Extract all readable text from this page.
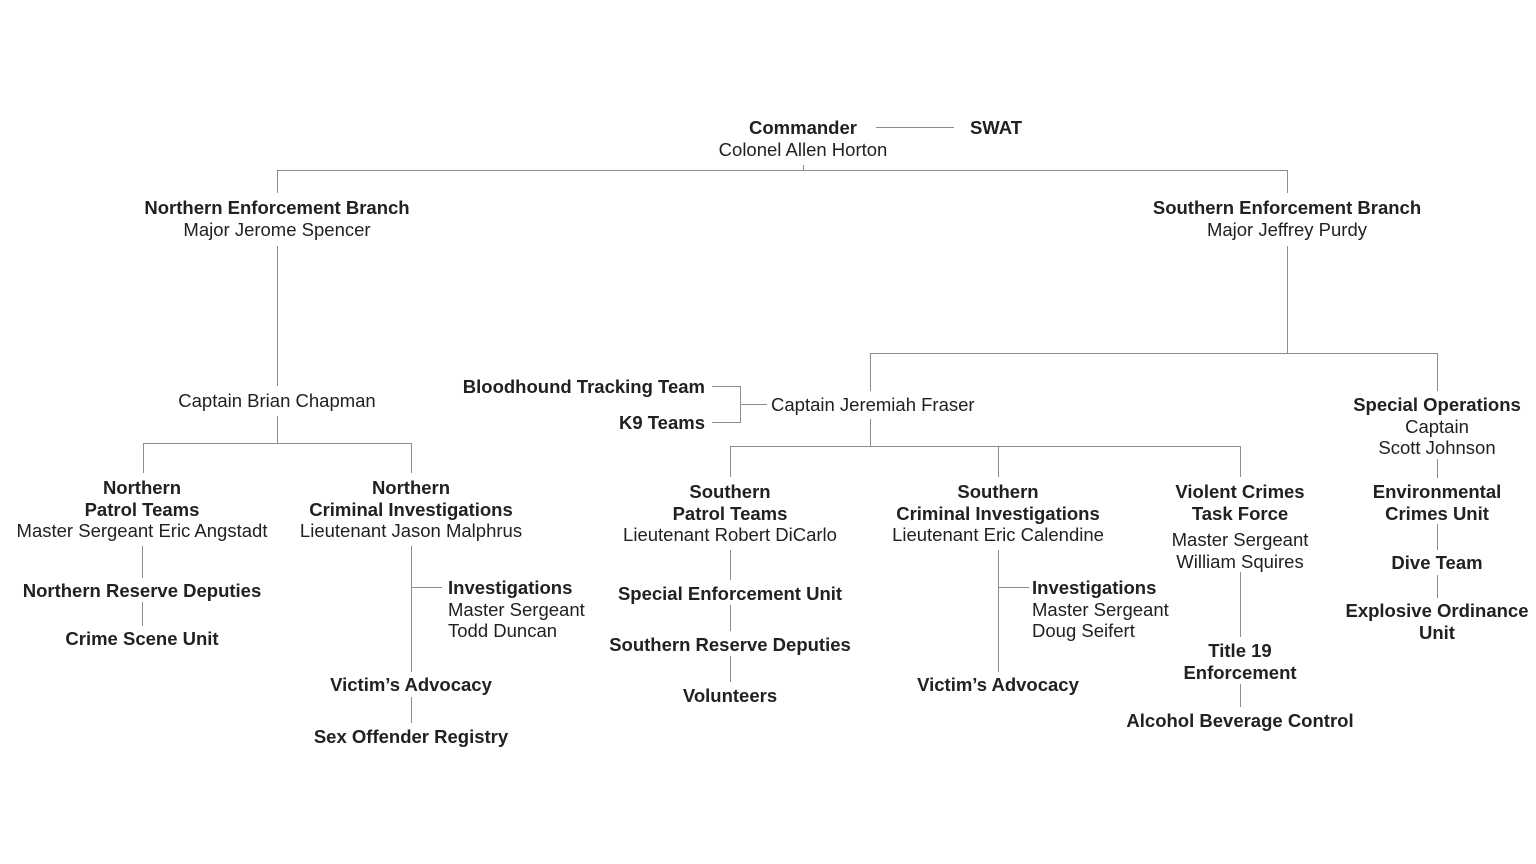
Commander
Colonel Allen Horton
SWAT
Northern Enforcement Branch
Major Jerome Spencer
Southern Enforcement Branch
Major Jeffrey Purdy
Captain Brian Chapman
Bloodhound Tracking Team
K9 Teams
Captain Jeremiah Fraser	Special Operations
Captain
Scott Johnson
Northern
Patrol Teams
Master Sergeant Eric Angstadt
Northern
Criminal Investigations
Lieutenant Jason Malphrus
Northern Reserve Deputies
Crime Scene Unit
Investigations
Master Sergeant
Todd Duncan
Victim’s Advocacy
Sex Offender Registry
Southern
Patrol Teams
Lieutenant Robert DiCarlo
Special Enforcement Unit
Southern Reserve Deputies
Volunteers
Southern
Criminal Investigations
Lieutenant Eric Calendine
Investigations
Master Sergeant
Doug Seifert
Victim’s Advocacy
Violent Crimes
Task Force
Master Sergeant
William Squires
Title 19
Enforcement
Alcohol Beverage Control
Environmental
Crimes Unit
Dive Team
Explosive Ordinance
Unit
